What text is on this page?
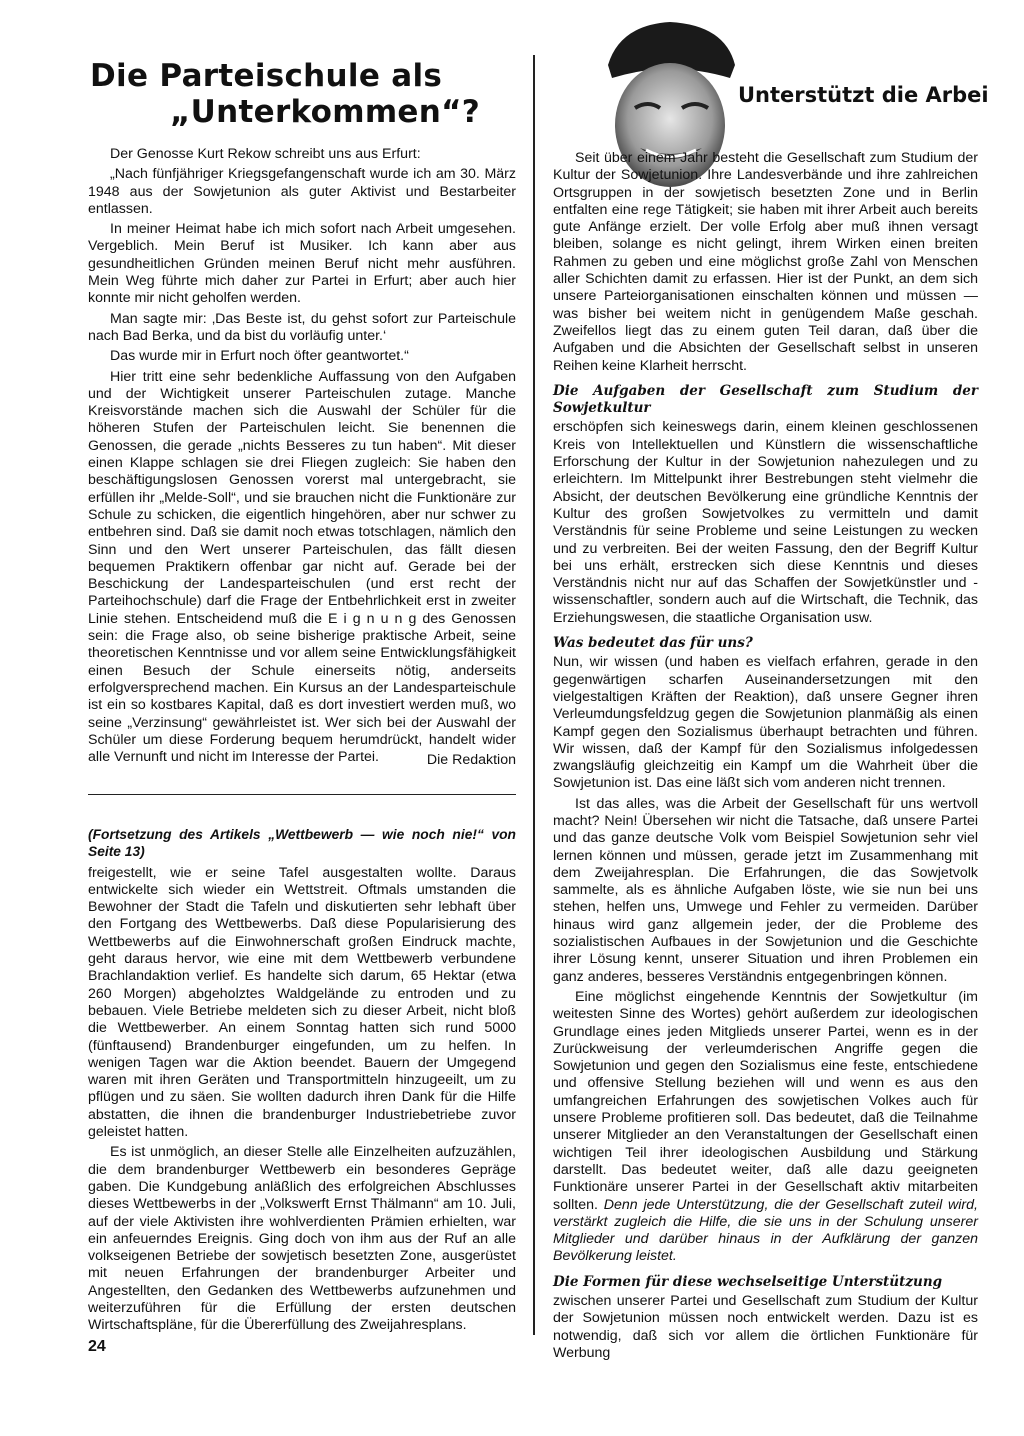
Die Parteischule als
„Unterkommen“?

Der Genosse Kurt Rekow schreibt uns aus Erfurt:

„Nach fünfjähriger Kriegsgefangenschaft wurde ich am 30. März 1948 aus der Sowjetunion als guter Aktivist und Bestarbeiter entlassen.

In meiner Heimat habe ich mich sofort nach Arbeit umgesehen. Vergeblich. Mein Beruf ist Musiker. Ich kann aber aus gesundheitlichen Gründen meinen Beruf nicht mehr ausführen. Mein Weg führte mich daher zur Partei in Erfurt; aber auch hier konnte mir nicht geholfen werden.

Man sagte mir: ‚Das Beste ist, du gehst sofort zur Parteischule nach Bad Berka, und da bist du vorläufig unter.‘

Das wurde mir in Erfurt noch öfter geantwortet.“

Hier tritt eine sehr bedenkliche Auffassung von den Aufgaben und der Wichtigkeit unserer Parteischulen zutage. Manche Kreisvorstände machen sich die Auswahl der Schüler für die höheren Stufen der Parteischulen leicht. Sie benennen die Genossen, die gerade „nichts Besseres zu tun haben“. Mit dieser einen Klappe schlagen sie drei Fliegen zugleich: Sie haben den beschäftigungslosen Genossen vorerst mal untergebracht, sie erfüllen ihr „Melde-Soll“, und sie brauchen nicht die Funktionäre zur Schule zu schicken, die eigentlich hingehören, aber nur schwer zu entbehren sind. Daß sie damit noch etwas totschlagen, nämlich den Sinn und den Wert unserer Parteischulen, das fällt diesen bequemen Praktikern offenbar gar nicht auf. Gerade bei der Beschickung der Landesparteischulen (und erst recht der Parteihochschule) darf die Frage der Entbehrlichkeit erst in zweiter Linie stehen. Entscheidend muß die E i g n u n g des Genossen sein: die Frage also, ob seine bisherige praktische Arbeit, seine theoretischen Kenntnisse und vor allem seine Entwicklungsfähigkeit einen Besuch der Schule einerseits nötig, anderseits erfolgversprechend machen. Ein Kursus an der Landesparteischule ist ein so kostbares Kapital, daß es dort investiert werden muß, wo seine „Verzinsung“ gewährleistet ist. Wer sich bei der Auswahl der Schüler um diese Forderung bequem herumdrückt, handelt wider alle Vernunft und nicht im Interesse der Partei.	Die Redaktion

(Fortsetzung des Artikels „Wettbewerb — wie noch nie!“ von Seite 13)

freigestellt, wie er seine Tafel ausgestalten wollte. Daraus entwickelte sich wieder ein Wettstreit. Oftmals umstanden die Bewohner der Stadt die Tafeln und diskutierten sehr lebhaft über den Fortgang des Wettbewerbs. Daß diese Popularisierung des Wettbewerbs auf die Einwohnerschaft großen Eindruck machte, geht daraus hervor, wie eine mit dem Wettbewerb verbundene Brachlandaktion verlief. Es handelte sich darum, 65 Hektar (etwa 260 Morgen) abgeholztes Waldgelände zu entroden und zu bebauen. Viele Betriebe meldeten sich zu dieser Arbeit, nicht bloß die Wettbewerber. An einem Sonntag hatten sich rund 5000 (fünftausend) Brandenburger eingefunden, um zu helfen. In wenigen Tagen war die Aktion beendet. Bauern der Umgegend waren mit ihren Geräten und Transportmitteln hinzugeeilt, um zu pflügen und zu säen. Sie wollten dadurch ihren Dank für die Hilfe abstatten, die ihnen die brandenburger Industriebetriebe zuvor geleistet hatten.

Es ist unmöglich, an dieser Stelle alle Einzelheiten aufzuzählen, die dem brandenburger Wettbewerb ein besonderes Gepräge gaben. Die Kundgebung anläßlich des erfolgreichen Abschlusses dieses Wettbewerbs in der „Volkswerft Ernst Thälmann“ am 10. Juli, auf der viele Aktivisten ihre wohlverdienten Prämien erhielten, war ein anfeuerndes Ereignis. Ging doch von ihm aus der Ruf an alle volkseigenen Betriebe der sowjetisch besetzten Zone, ausgerüstet mit neuen Erfahrungen der brandenburger Arbeiter und Angestellten, den Gedanken des Wettbewerbs aufzunehmen und weiterzuführen für die Erfüllung der ersten deutschen Wirtschaftspläne, für die Übererfüllung des Zweijahresplans.

24
Unterstützt die Arbei

Seit über einem Jahr besteht die Gesellschaft zum Studium der Kultur der Sowjetunion. Ihre Landesverbände und ihre zahlreichen Ortsgruppen in der sowjetisch besetzten Zone und in Berlin entfalten eine rege Tätigkeit; sie haben mit ihrer Arbeit auch bereits gute Anfänge erzielt. Der volle Erfolg aber muß ihnen versagt bleiben, solange es nicht gelingt, ihrem Wirken einen breiten Rahmen zu geben und eine möglichst große Zahl von Menschen aller Schichten damit zu erfassen. Hier ist der Punkt, an dem sich unsere Parteiorganisationen einschalten können und müssen — was bisher bei weitem nicht in genügendem Maße geschah. Zweifellos liegt das zu einem guten Teil daran, daß über die Aufgaben und die Absichten der Gesellschaft selbst in unseren Reihen keine Klarheit herrscht.

Die Aufgaben der Gesellschaft zum Studium der Sowjetkultur

erschöpfen sich keineswegs darin, einem kleinen geschlossenen Kreis von Intellektuellen und Künstlern die wissenschaftliche Erforschung der Kultur in der Sowjetunion nahezulegen und zu erleichtern. Im Mittelpunkt ihrer Bestrebungen steht vielmehr die Absicht, der deutschen Bevölkerung eine gründliche Kenntnis der Kultur des großen Sowjetvolkes zu vermitteln und damit Verständnis für seine Probleme und seine Leistungen zu wecken und zu verbreiten. Bei der weiten Fassung, den der Begriff Kultur bei uns erhält, erstrecken sich diese Kenntnis und dieses Verständnis nicht nur auf das Schaffen der Sowjetkünstler und -wissenschaftler, sondern auch auf die Wirtschaft, die Technik, das Erziehungswesen, die staatliche Organisation usw.

Was bedeutet das für uns?

Nun, wir wissen (und haben es vielfach erfahren, gerade in den gegenwärtigen scharfen Auseinandersetzungen mit den vielgestaltigen Kräften der Reaktion), daß unsere Gegner ihren Verleumdungsfeldzug gegen die Sowjetunion planmäßig als einen Kampf gegen den Sozialismus überhaupt betrachten und führen. Wir wissen, daß der Kampf für den Sozialismus infolgedessen zwangsläufig gleichzeitig ein Kampf um die Wahrheit über die Sowjetunion ist. Das eine läßt sich vom anderen nicht trennen.

Ist das alles, was die Arbeit der Gesellschaft für uns wertvoll macht? Nein! Übersehen wir nicht die Tatsache, daß unsere Partei und das ganze deutsche Volk vom Beispiel Sowjetunion sehr viel lernen können und müssen, gerade jetzt im Zusammenhang mit dem Zweijahresplan. Die Erfahrungen, die das Sowjetvolk sammelte, als es ähnliche Aufgaben löste, wie sie nun bei uns stehen, helfen uns, Umwege und Fehler zu vermeiden. Darüber hinaus wird ganz allgemein jeder, der die Probleme des sozialistischen Aufbaues in der Sowjetunion und die Geschichte ihrer Lösung kennt, unserer Situation und ihren Problemen ein ganz anderes, besseres Verständnis entgegenbringen können.

Eine möglichst eingehende Kenntnis der Sowjetkultur (im weitesten Sinne des Wortes) gehört außerdem zur ideologischen Grundlage eines jeden Mitglieds unserer Partei, wenn es in der Zurückweisung der verleumderischen Angriffe gegen die Sowjetunion und gegen den Sozialismus eine feste, entschiedene und offensive Stellung beziehen will und wenn es aus den umfangreichen Erfahrungen des sowjetischen Volkes auch für unsere Probleme profitieren soll. Das bedeutet, daß die Teilnahme unserer Mitglieder an den Veranstaltungen der Gesellschaft einen wichtigen Teil ihrer ideologischen Ausbildung und Stärkung darstellt. Das bedeutet weiter, daß alle dazu geeigneten Funktionäre unserer Partei in der Gesellschaft aktiv mitarbeiten sollten. Denn jede Unterstützung, die der Gesellschaft zuteil wird, verstärkt zugleich die Hilfe, die sie uns in der Schulung unserer Mitglieder und darüber hinaus in der Aufklärung der ganzen Bevölkerung leistet.

Die Formen für diese wechselseitige Unterstützung

zwischen unserer Partei und Gesellschaft zum Studium der Kultur der Sowjetunion müssen noch entwickelt werden. Dazu ist es notwendig, daß sich vor allem die örtlichen Funktionäre für Werbung
